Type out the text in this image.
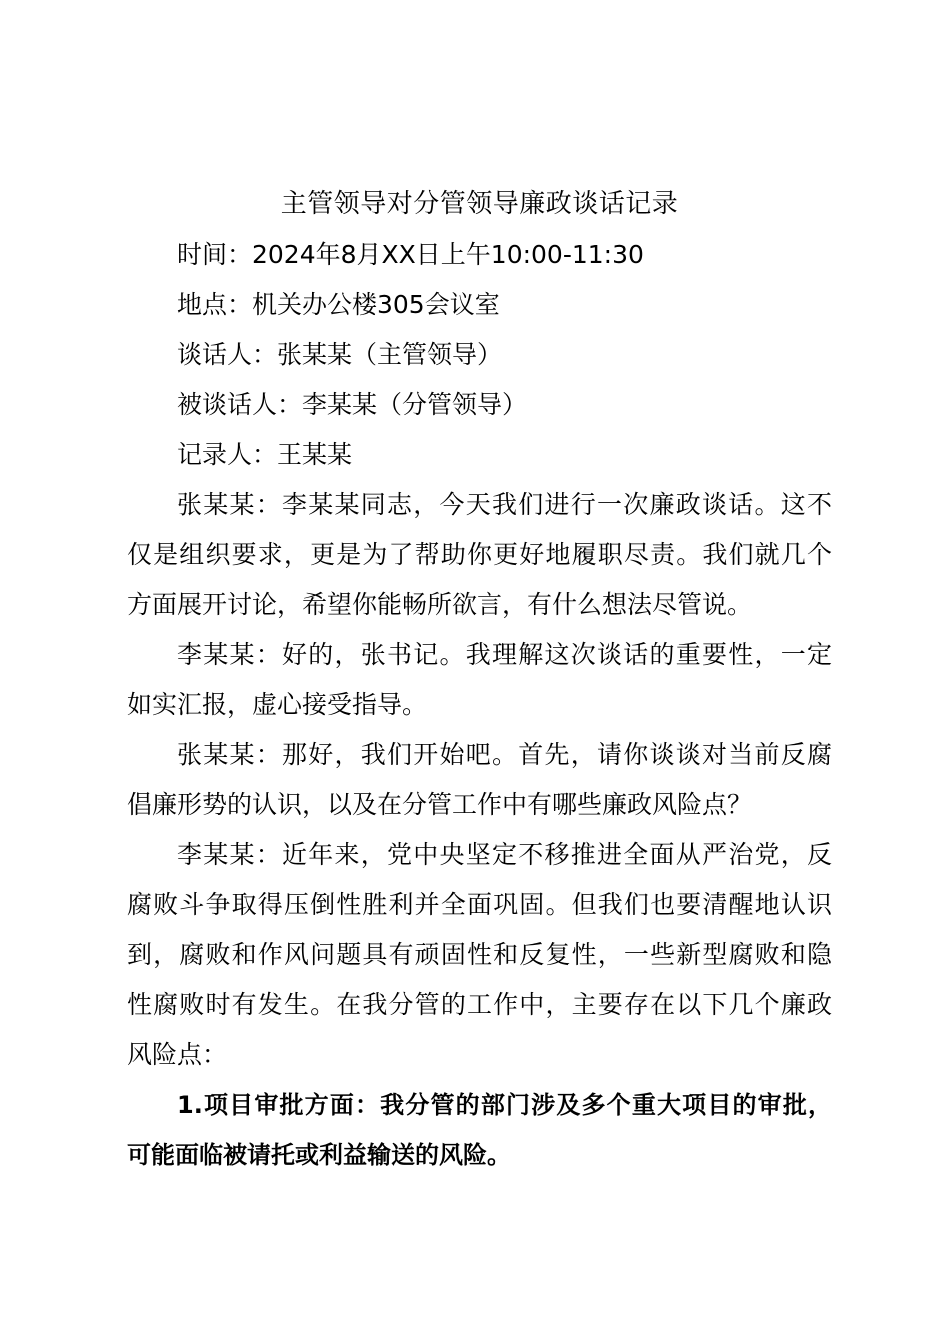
主管领导对分管领导廉政谈话记录

时间：2024年8月XX日上午10:00-11:30

地点：机关办公楼305会议室

谈话人：张某某（主管领导）

被谈话人：李某某（分管领导）

记录人：王某某

张某某：李某某同志，今天我们进行一次廉政谈话。这不
仅是组织要求，更是为了帮助你更好地履职尽责。我们就几个
方面展开讨论，希望你能畅所欲言，有什么想法尽管说。
李某某：好的，张书记。我理解这次谈话的重要性，一定
如实汇报，虚心接受指导。
张某某：那好，我们开始吧。首先，请你谈谈对当前反腐
倡廉形势的认识，以及在分管工作中有哪些廉政风险点？
李某某：近年来，党中央坚定不移推进全面从严治党，反
腐败斗争取得压倒性胜利并全面巩固。但我们也要清醒地认识
到，腐败和作风问题具有顽固性和反复性，一些新型腐败和隐
性腐败时有发生。在我分管的工作中，主要存在以下几个廉政
风险点：
1.项目审批方面：我分管的部门涉及多个重大项目的审批，
可能面临被请托或利益输送的风险。
